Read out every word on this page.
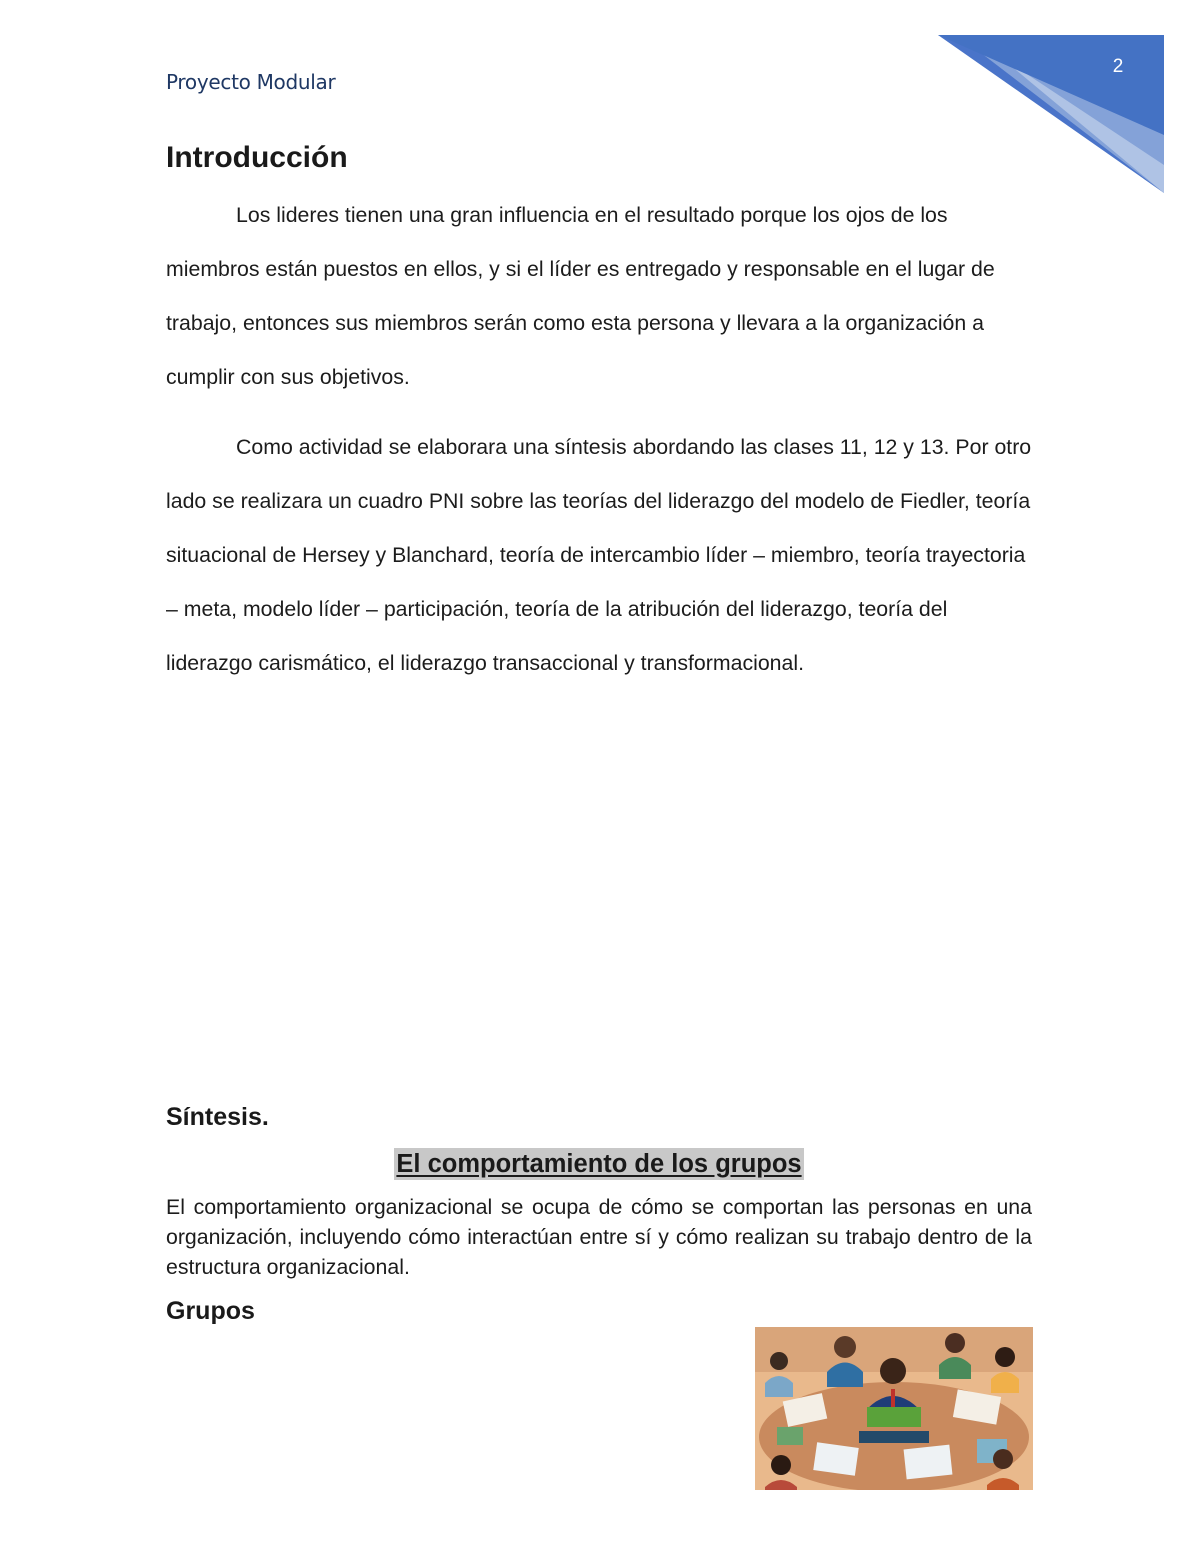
Proyecto Modular
2
Introducción

Los lideres tienen una gran influencia en el resultado porque los ojos de los miembros están puestos en ellos, y si el líder es entregado y responsable en el lugar de trabajo, entonces sus miembros serán como esta persona y llevara a la organización a cumplir con sus objetivos.

Como actividad se elaborara una síntesis abordando las clases 11, 12 y 13. Por otro lado se realizara un cuadro PNI sobre las teorías del liderazgo del modelo de Fiedler, teoría situacional de Hersey y Blanchard, teoría de intercambio líder – miembro, teoría trayectoria – meta, modelo líder – participación, teoría de la atribución del liderazgo, teoría del liderazgo carismático, el liderazgo transaccional y transformacional.

Síntesis.
El comportamiento de los grupos

El comportamiento organizacional se ocupa de cómo se comportan las personas en una organización, incluyendo cómo interactúan entre sí y cómo realizan su trabajo dentro de la estructura organizacional.

Grupos
